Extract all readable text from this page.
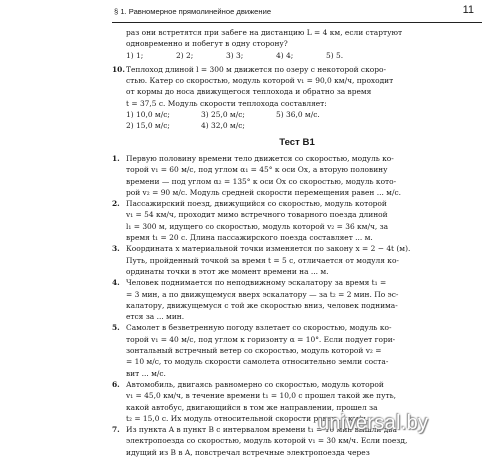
§ 1. Равномерное прямолинейное движение	11
раз они встретятся при забеге на дистанцию L = 4 км, если стартуют
одновременно и побегут в одну сторону?
1) 1;	2) 2;	3) 3;	4) 4;	5) 5.
10. Теплоход длиной l = 300 м движется по озеру с некоторой скоро-
стью. Катер со скоростью, модуль которой v₁ = 90,0 км/ч, проходит
от кормы до носа движущегося теплохода и обратно за время
t = 37,5 с. Модуль скорости теплохода составляет:
1) 10,0 м/с;	3) 25,0 м/с;	5) 36,0 м/с.
2) 15,0 м/с;	4) 32,0 м/с;
Тест В1
1. Первую половину времени тело движется со скоростью, модуль ко-
торой v₁ = 60 м/с, под углом α₁ = 45° к оси Ox, а вторую половину
времени — под углом α₂ = 135° к оси Ox со скоростью, модуль кото-
рой v₂ = 90 м/с. Модуль средней скорости перемещения равен ... м/с.
2. Пассажирский поезд, движущийся со скоростью, модуль которой
v₁ = 54 км/ч, проходит мимо встречного товарного поезда длиной
l₁ = 300 м, идущего со скоростью, модуль которой v₂ = 36 км/ч, за
время t₁ = 20 с. Длина пассажирского поезда составляет ... м.
3. Координата x материальной точки изменяется по закону x = 2 − 4t (м).
Путь, пройденный точкой за время t = 5 с, отличается от модуля ко-
ординаты точки в этот же момент времени на ... м.
4. Человек поднимается по неподвижному эскалатору за время t₁ =
= 3 мин, а по движущемуся вверх эскалатору — за t₂ = 2 мин. По эс-
калатору, движущемуся с той же скоростью вниз, человек поднима-
ется за ... мин.
5. Самолет в безветренную погоду взлетает со скоростью, модуль ко-
торой v₁ = 40 м/с, под углом к горизонту α = 10°. Если подует гори-
зонтальный встречный ветер со скоростью, модуль которой v₂ =
= 10 м/с, то модуль скорости самолета относительно земли соста-
вит ... м/с.
6. Автомобиль, двигаясь равномерно со скоростью, модуль которой
v₁ = 45,0 км/ч, в течение времени t₁ = 10,0 с прошел такой же путь,
какой автобус, двигающийся в том же направлении, прошел за
t₂ = 15,0 с. Их модуль относительной скорости равен ... км/ч.
7. Из пункта A в пункт B с интервалом времени t₁ = 10 мин вышли два
электропоезда со скоростью, модуль которой v₁ = 30 км/ч. Если поезд,
идущий из B в A, повстречал встречные электропоезда через
universal.by
